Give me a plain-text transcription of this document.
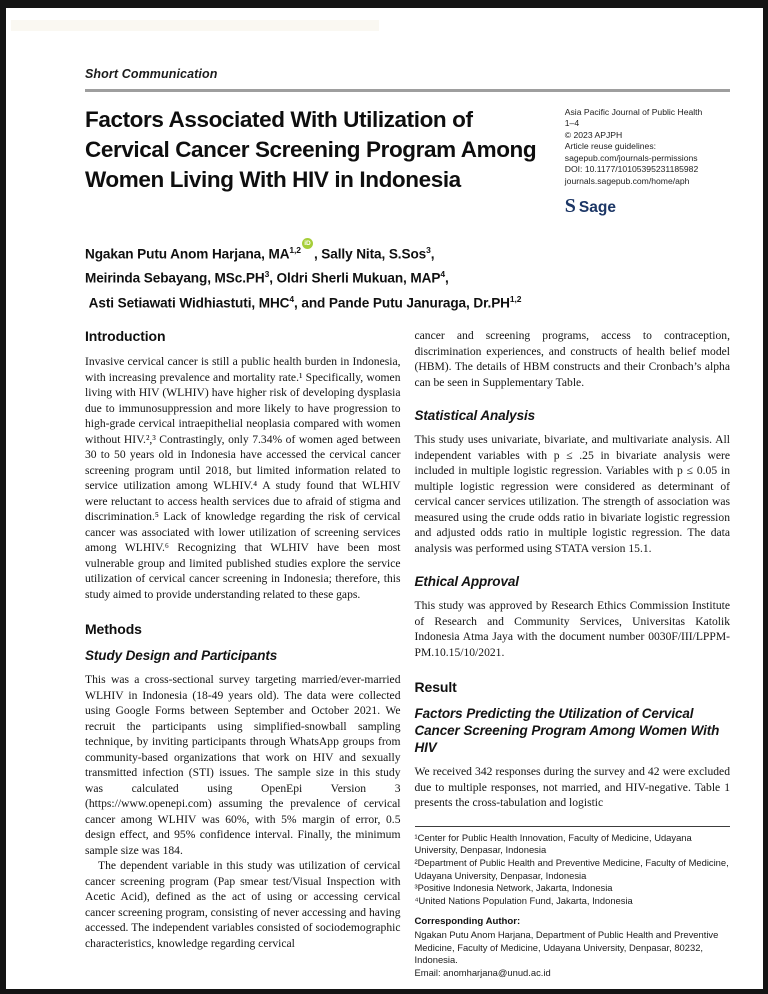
Short Communication
Factors Associated With Utilization of
Cervical Cancer Screening Program Among
Women Living With HIV in Indonesia
Asia Pacific Journal of Public Health
1–4
© 2023 APJPH
Article reuse guidelines:
sagepub.com/journals-permissions
DOI: 10.1177/10105395231185982
journals.sagepub.com/home/aph
S Sage
Ngakan Putu Anom Harjana, MA$^{1,2}$iD, Sally Nita, S.Sos$^3$,
Meirinda Sebayang, $MSc.PH^3$, Oldri Sherli Mukuan, MAP$^4$,
Asti Setiawati Widhiastuti, MHC$^4$, and Pande Putu Januraga, Dr.PH$^{1,2}$
Introduction

Invasive cervical cancer is still a public health burden in Indonesia, with increasing prevalence and mortality rate.¹ Specifically, women living with HIV (WLHIV) have higher risk of developing dysplasia due to immunosuppression and more likely to have progression to high-grade cervical intraepithelial neoplasia compared with women without HIV.²,³ Contrastingly, only 7.34% of women aged between 30 to 50 years old in Indonesia have accessed the cervical cancer screening program until 2018, but limited information related to service utilization among WLHIV.⁴ A study found that WLHIV were reluctant to access health services due to afraid of stigma and discrimination.⁵ Lack of knowledge regarding the risk of cervical cancer was associated with lower utilization of screening services among WLHIV.⁶ Recognizing that WLHIV have been most vulnerable group and limited published studies explore the service utilization of cervical cancer screening in Indonesia; therefore, this study aimed to provide understanding related to these gaps.

Methods
Study Design and Participants

This was a cross-sectional survey targeting married/ever-married WLHIV in Indonesia (18-49 years old). The data were collected using Google Forms between September and October 2021. We recruit the participants using simplified-snowball sampling technique, by inviting participants through WhatsApp groups from community-based organizations that work on HIV and sexually transmitted infection (STI) issues. The sample size in this study was calculated using OpenEpi Version 3 (https://www.openepi.com) assuming the prevalence of cervical cancer among WLHIV was 60%, with 5% margin of error, 0.5 design effect, and 95% confidence interval. Finally, the minimum sample size was 184.

The dependent variable in this study was utilization of cervical cancer screening program (Pap smear test/Visual Inspection with Acetic Acid), defined as the act of using or accessing cervical cancer screening program, consisting of never accessing and having accessed. The independent variables consisted of sociodemographic characteristics, knowledge regarding cervical

cancer and screening programs, access to contraception, discrimination experiences, and constructs of health belief model (HBM). The details of HBM constructs and their Cronbach’s alpha can be seen in Supplementary Table.

Statistical Analysis

This study uses univariate, bivariate, and multivariate analysis. All independent variables with p ≤ .25 in bivariate analysis were included in multiple logistic regression. Variables with p ≤ 0.05 in multiple logistic regression were considered as determinant of cervical cancer services utilization. The strength of association was measured using the crude odds ratio in bivariate logistic regression and adjusted odds ratio in multiple logistic regression. The data analysis was performed using STATA version 15.1.

Ethical Approval

This study was approved by Research Ethics Commission Institute of Research and Community Services, Universitas Katolik Indonesia Atma Jaya with the document number 0030F/III/LPPM-PM.10.15/10/2021.

Result
Factors Predicting the Utilization of Cervical Cancer Screening Program Among Women With HIV

We received 342 responses during the survey and 42 were excluded due to multiple responses, not married, and HIV-negative. Table 1 presents the cross-tabulation and logistic

¹Center for Public Health Innovation, Faculty of Medicine, Udayana University, Denpasar, Indonesia
²Department of Public Health and Preventive Medicine, Faculty of Medicine, Udayana University, Denpasar, Indonesia
³Positive Indonesia Network, Jakarta, Indonesia
⁴United Nations Population Fund, Jakarta, Indonesia
Corresponding Author:
Ngakan Putu Anom Harjana, Department of Public Health and Preventive Medicine, Faculty of Medicine, Udayana University, Denpasar, 80232, Indonesia.
Email: anomharjana@unud.ac.id
